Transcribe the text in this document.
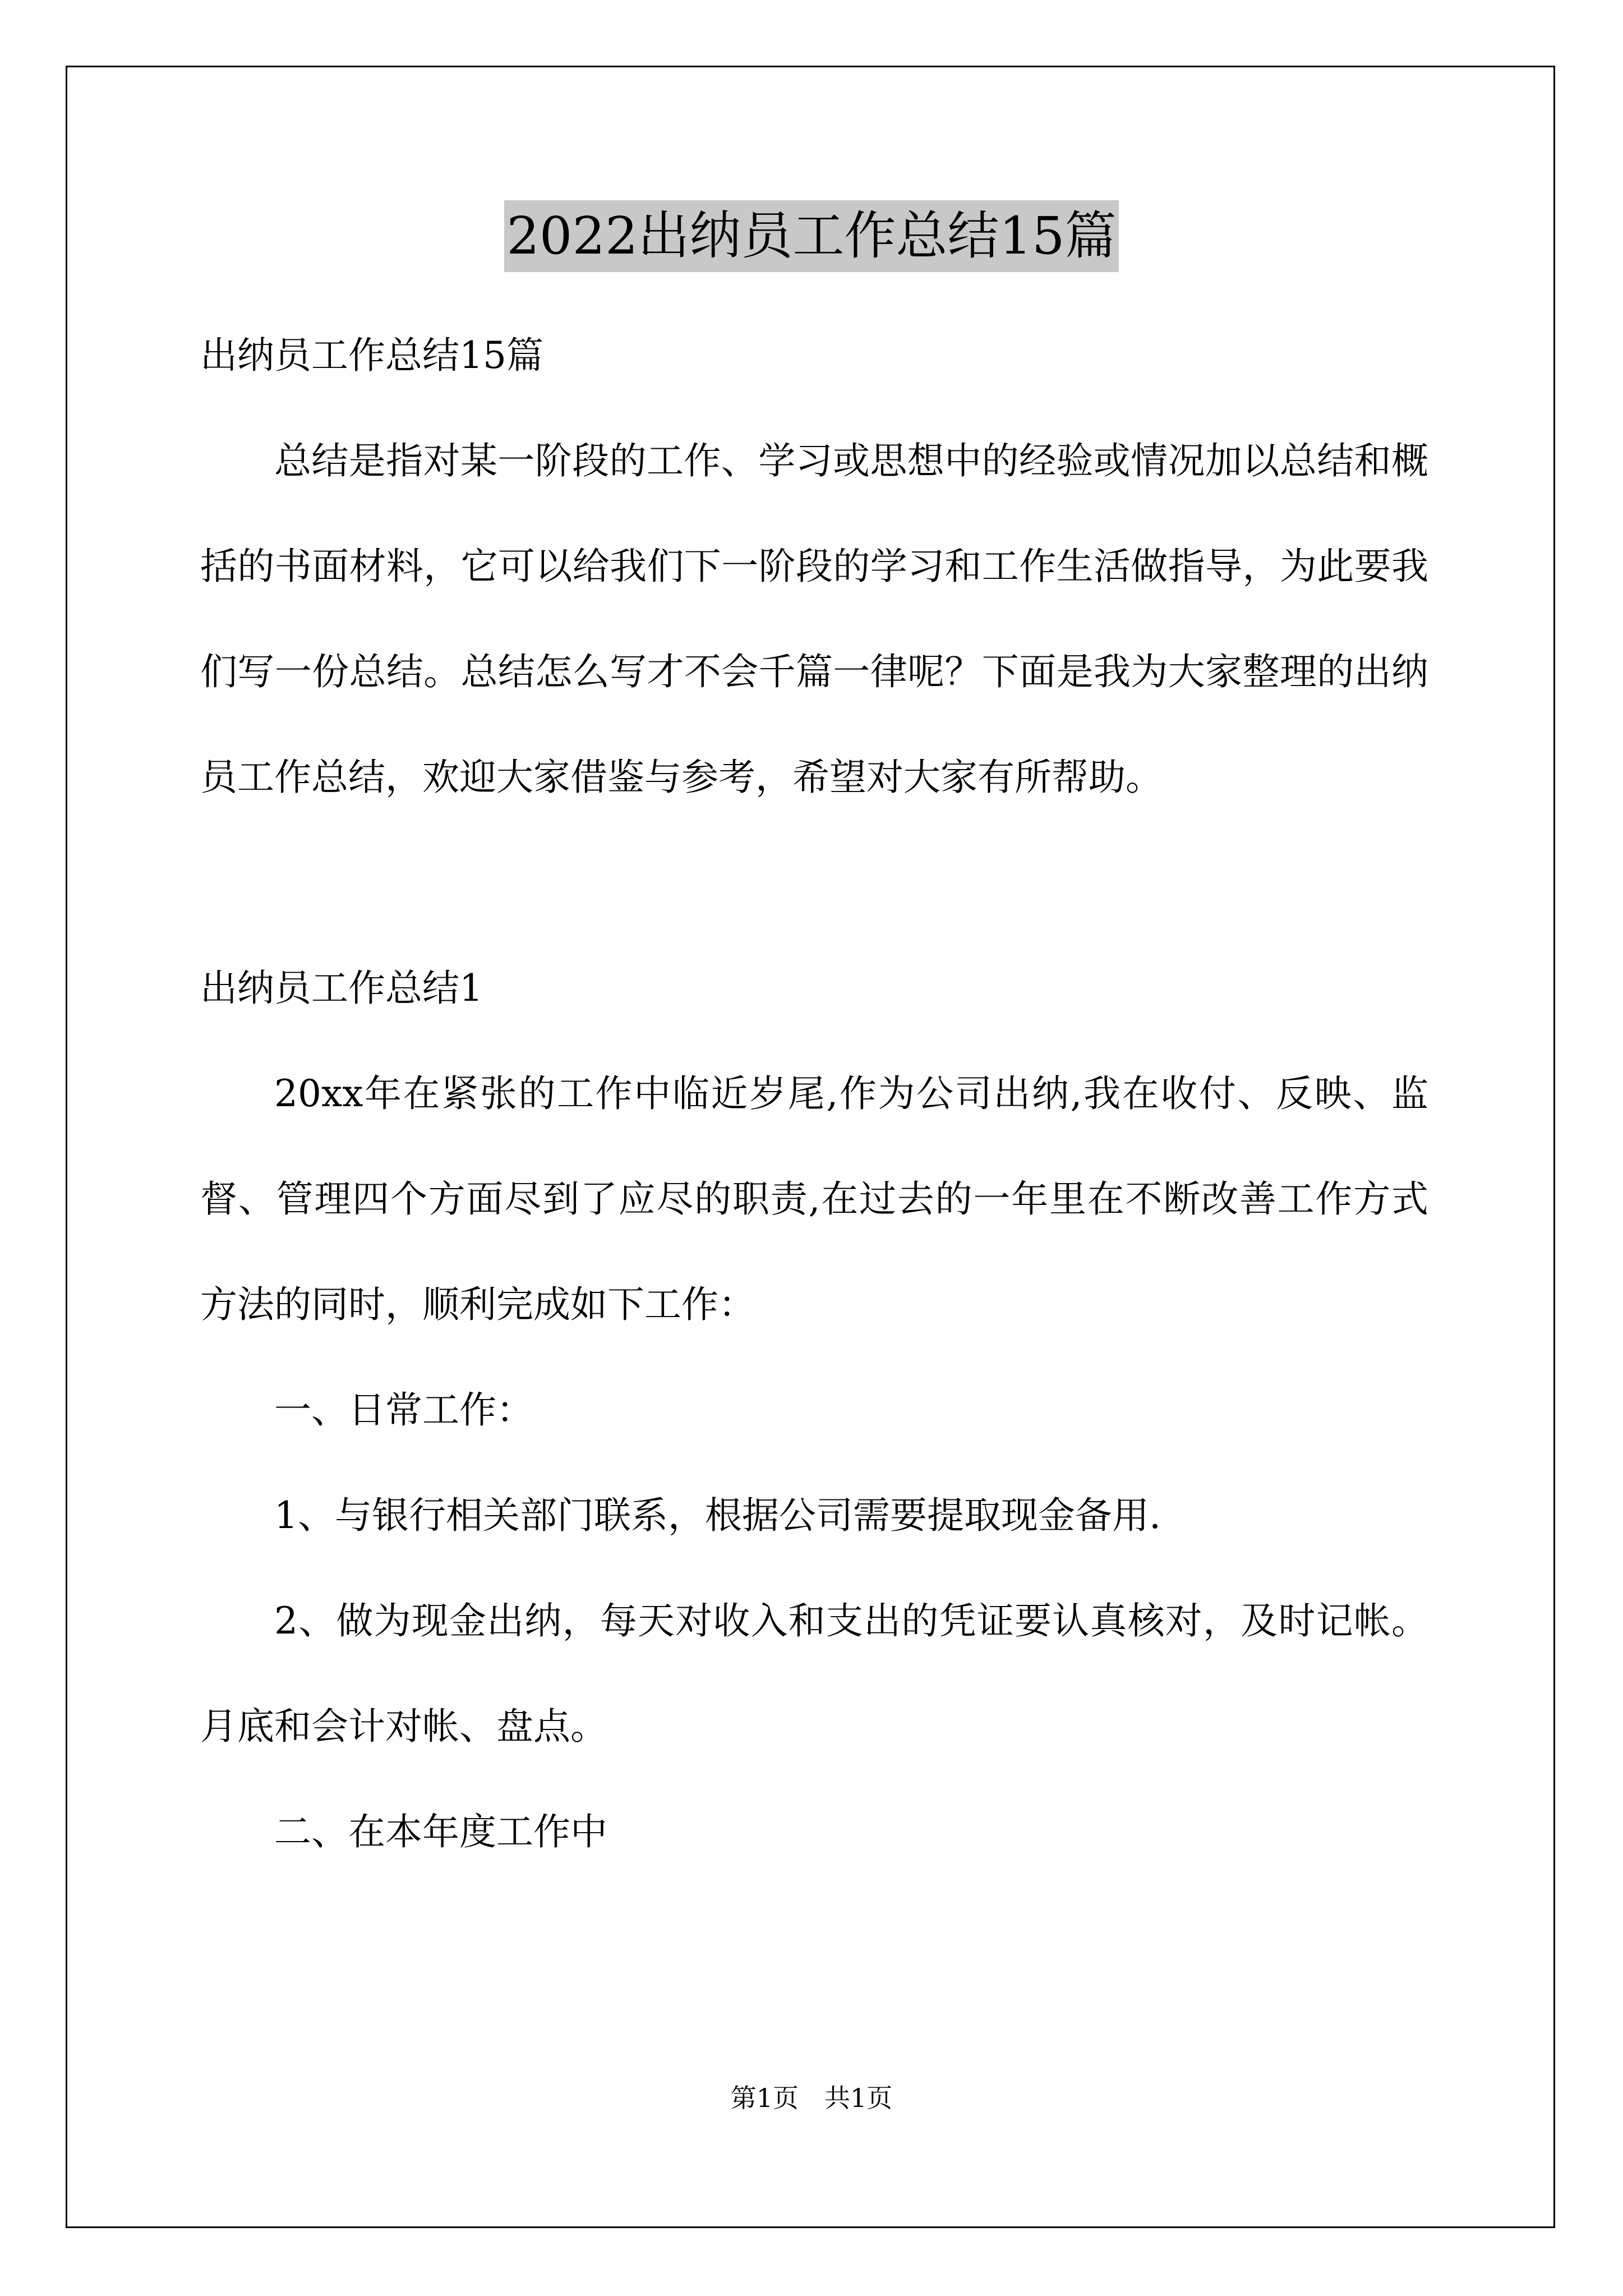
2022出纳员工作总结15篇

出纳员工作总结15篇

总结是指对某一阶段的工作、学习或思想中的经验或情况加以总结和概括的书面材料，它可以给我们下一阶段的学习和工作生活做指导，为此要我们写一份总结。总结怎么写才不会千篇一律呢？下面是我为大家整理的出纳员工作总结，欢迎大家借鉴与参考，希望对大家有所帮助。

出纳员工作总结1

20xx年在紧张的工作中临近岁尾,作为公司出纳,我在收付、反映、监督、管理四个方面尽到了应尽的职责,在过去的一年里在不断改善工作方式方法的同时，顺利完成如下工作：

一、日常工作：

1、与银行相关部门联系，根据公司需要提取现金备用.

2、做为现金出纳，每天对收入和支出的凭证要认真核对，及时记帐。月底和会计对帐、盘点。

二、在本年度工作中

第1页　共1页
